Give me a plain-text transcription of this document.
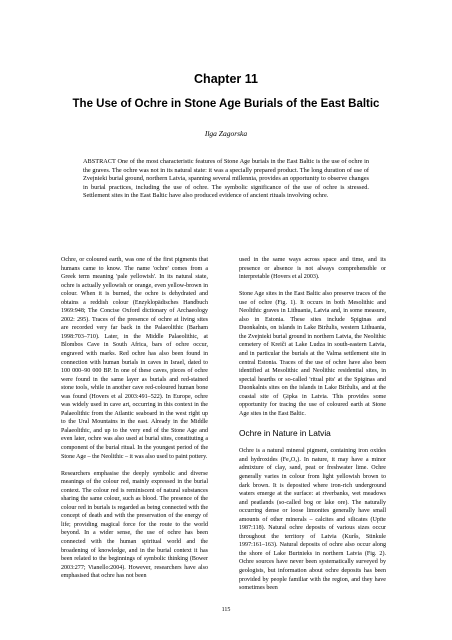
Chapter 11
The Use of Ochre in Stone Age Burials of the East Baltic
Ilga Zagorska
ABSTRACT One of the most characteristic features of Stone Age burials in the East Baltic is the use of ochre in the graves. The ochre was not in its natural state: it was a specially prepared product. The long duration of use of Zvejnieki burial ground, northern Latvia, spanning several millennia, provides an opportunity to observe changes in burial practices, including the use of ochre. The symbolic significance of the use of ochre is stressed. Settlement sites in the East Baltic have also produced evidence of ancient rituals involving ochre.

Ochre, or coloured earth, was one of the first pigments that humans came to know. The name 'ochre' comes from a Greek term meaning 'pale yellowish'. In its natural state, ochre is actually yellowish or orange, even yellow-brown in colour. When it is burned, the ochre is dehydrated and obtains a reddish colour (Enzyklopädisches Handbuch 1969:948; The Concise Oxford dictionary of Archaeology 2002: 295). Traces of the presence of ochre at living sites are recorded very far back in the Palaeolithic (Barham 1998:703–710). Later, in the Middle Palaeolithic, at Blombos Cave in South Africa, bars of ochre occur, engraved with marks. Red ochre has also been found in connection with human burials in caves in Israel, dated to 100 000–90 000 BP. In one of these caves, pieces of ochre were found in the same layer as burials and red-stained stone tools, while in another cave red-coloured human bone was found (Hovers et al 2003:491–522). In Europe, ochre was widely used in cave art, occurring in this context in the Palaeolithic from the Atlantic seaboard in the west right up to the Ural Mountains in the east. Already in the Middle Palaeolithic, and up to the very end of the Stone Age and even later, ochre was also used at burial sites, constituting a component of the burial ritual. In the youngest period of the Stone Age – the Neolithic – it was also used to paint pottery.

Researchers emphasise the deeply symbolic and diverse meanings of the colour red, mainly expressed in the burial context. The colour red is reminiscent of natural substances sharing the same colour, such as blood. The presence of the colour red in burials is regarded as being connected with the concept of death and with the preservation of the energy of life; providing magical force for the route to the world beyond. In a wider sense, the use of ochre has been connected with the human spiritual world and the broadening of knowledge, and in the burial context it has been related to the beginnings of symbolic thinking (Bower 2003:277; Vianello:2004). However, researchers have also emphasised that ochre has not been

used in the same ways across space and time, and its presence or absence is not always comprehensible or interpretable (Hovers et al 2003).

Stone Age sites in the East Baltic also preserve traces of the use of ochre (Fig. 1). It occurs in both Mesolithic and Neolithic graves in Lithuania, Latvia and, in some measure, also in Estonia. These sites include Spiginas and Duonkalnis, on islands in Lake Biržulis, western Lithuania, the Zvejnieki burial ground in northern Latvia, the Neolithic cemetery of Kreiči at Lake Ludza in south-eastern Latvia, and in particular the burials at the Valma settlement site in central Estonia. Traces of the use of ochre have also been identified at Mesolithic and Neolithic residential sites, in special hearths or so-called 'ritual pits' at the Spiginas and Duonkalnis sites on the islands in Lake Biržulis, and at the coastal site of Ģipka in Latvia. This provides some opportunity for tracing the use of coloured earth at Stone Age sites in the East Baltic.

Ochre in Nature in Latvia

Ochre is a natural mineral pigment, containing iron oxides and hydroxides (Fe₂O₃). In nature, it may have a minor admixture of clay, sand, peat or freshwater lime. Ochre generally varies in colour from light yellowish brown to dark brown. It is deposited where iron-rich underground waters emerge at the surface: at riverbanks, wet meadows and peatlands (so-called bog or lake ore). The naturally occurring dense or loose limonites generally have small amounts of other minerals – calcites and silicates (Upīte 1987:118). Natural ochre deposits of various sizes occur throughout the territory of Latvia (Kuršs, Stinkule 1997:161–163). Natural deposits of ochre also occur along the shore of Lake Burtnieks in northern Latvia (Fig. 2). Ochre sources have never been systematically surveyed by geologists, but information about ochre deposits has been provided by people familiar with the region, and they have sometimes been

115
